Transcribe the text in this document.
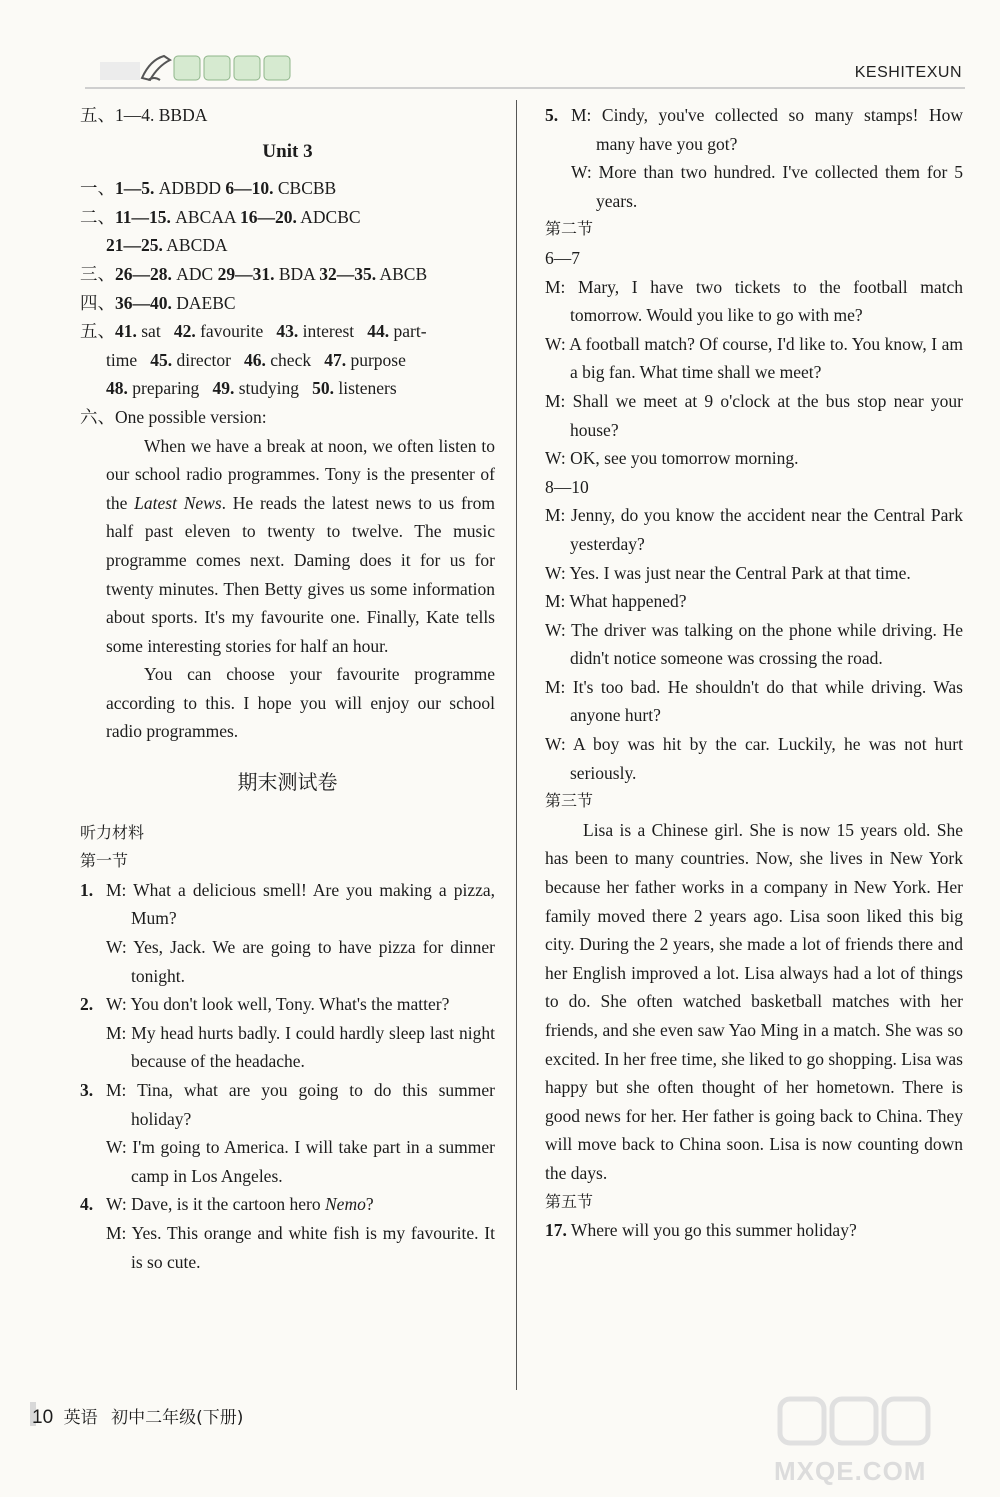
KESHITEXUN
五、1—4. BBDA
Unit 3
一、1—5. ADBDD 6—10. CBCBB
二、11—15. ABCAA 16—20. ADCBC
21—25. ABCDA
三、26—28. ADC 29—31. BDA 32—35. ABCB
四、36—40. DAEBC
五、41. sat 42. favourite 43. interest 44. part-
time 45. director 46. check 47. purpose
48. preparing 49. studying 50. listeners
六、One possible version:
When we have a break at noon, we often listen to our school radio programmes. Tony is the presenter of the Latest News. He reads the latest news to us from half past eleven to twenty to twelve. The music programme comes next. Daming does it for us for twenty minutes. Then Betty gives us some information about sports. It's my favourite one. Finally, Kate tells some interesting stories for half an hour.
You can choose your favourite programme according to this. I hope you will enjoy our school radio programmes.
期末测试卷
听力材料
第一节
1. M: What a delicious smell! Are you making a pizza, Mum?
W: Yes, Jack. We are going to have pizza for dinner tonight.
2. W: You don't look well, Tony. What's the matter?
M: My head hurts badly. I could hardly sleep last night because of the headache.
3. M: Tina, what are you going to do this summer holiday?
W: I'm going to America. I will take part in a summer camp in Los Angeles.
4. W: Dave, is it the cartoon hero Nemo?
M: Yes. This orange and white fish is my favourite. It is so cute.
5. M: Cindy, you've collected so many stamps! How many have you got?
W: More than two hundred. I've collected them for 5 years.
第二节
6—7
M: Mary, I have two tickets to the football match tomorrow. Would you like to go with me?
W: A football match? Of course, I'd like to. You know, I am a big fan. What time shall we meet?
M: Shall we meet at 9 o'clock at the bus stop near your house?
W: OK, see you tomorrow morning.
8—10
M: Jenny, do you know the accident near the Central Park yesterday?
W: Yes. I was just near the Central Park at that time.
M: What happened?
W: The driver was talking on the phone while driving. He didn't notice someone was crossing the road.
M: It's too bad. He shouldn't do that while driving. Was anyone hurt?
W: A boy was hit by the car. Luckily, he was not hurt seriously.
第三节
Lisa is a Chinese girl. She is now 15 years old. She has been to many countries. Now, she lives in New York because her father works in a company in New York. Her family moved there 2 years ago. Lisa soon liked this big city. During the 2 years, she made a lot of friends there and her English improved a lot. Lisa always had a lot of things to do. She often watched basketball matches with her friends, and she even saw Yao Ming in a match. She was so excited. In her free time, she liked to go shopping. Lisa was happy but she often thought of her hometown. There is good news for her. Her father is going back to China. They will move back to China soon. Lisa is now counting down the days.
第五节
17. Where will you go this summer holiday?
10 英语 初中二年级(下册)
MXQE.COM
